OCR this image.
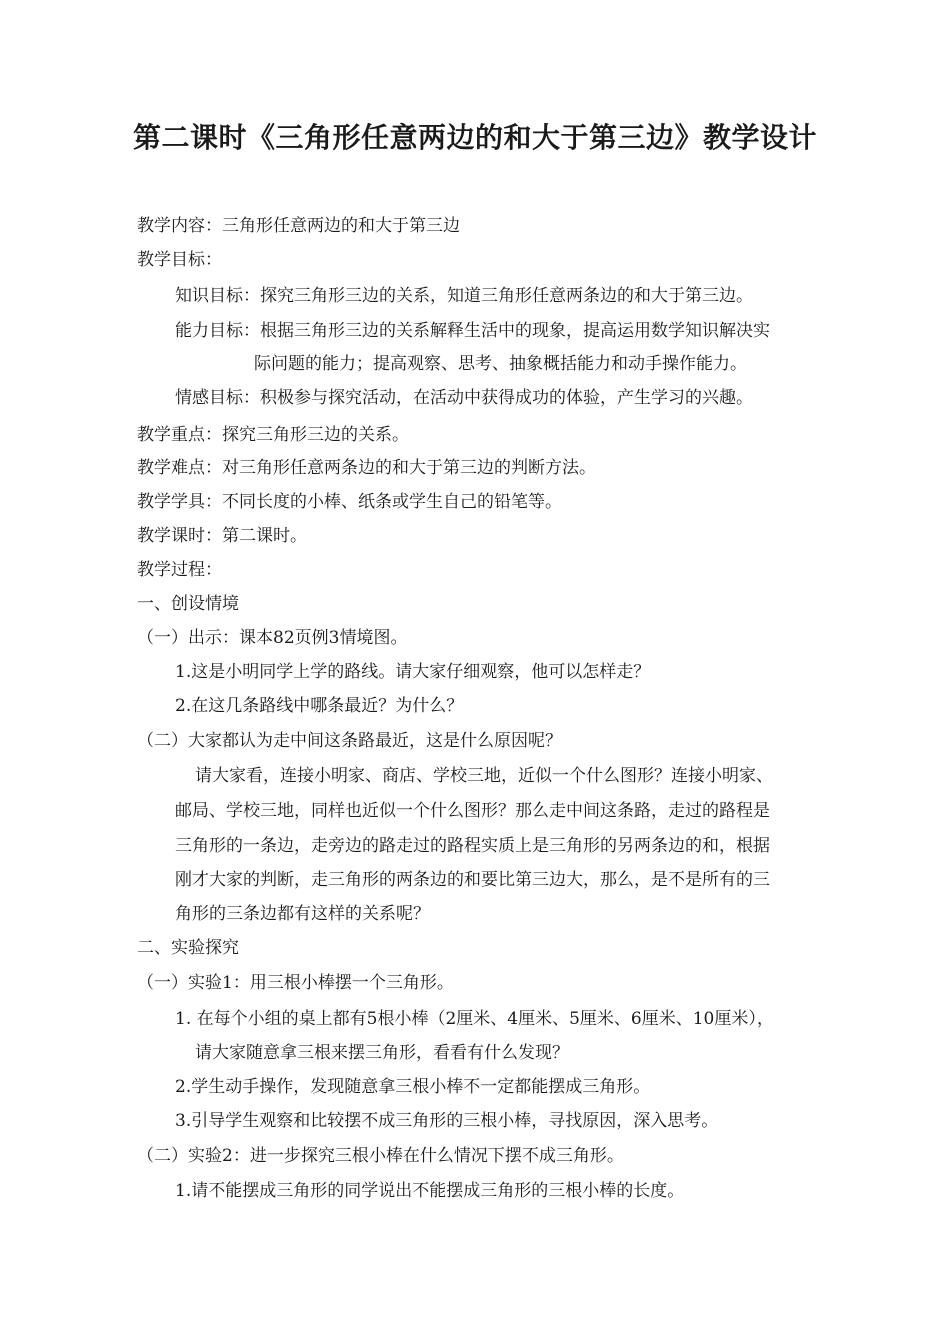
第二课时《三角形任意两边的和大于第三边》教学设计
教学内容：三角形任意两边的和大于第三边
教学目标：
知识目标：探究三角形三边的关系，知道三角形任意两条边的和大于第三边。
能力目标：根据三角形三边的关系解释生活中的现象，提高运用数学知识解决实
际问题的能力；提高观察、思考、抽象概括能力和动手操作能力。
情感目标：积极参与探究活动，在活动中获得成功的体验，产生学习的兴趣。
教学重点：探究三角形三边的关系。
教学难点：对三角形任意两条边的和大于第三边的判断方法。
教学学具：不同长度的小棒、纸条或学生自己的铅笔等。
教学课时：第二课时。
教学过程：
一、创设情境
（一）出示：课本82页例3情境图。
1.这是小明同学上学的路线。请大家仔细观察，他可以怎样走？
2.在这几条路线中哪条最近？为什么？
（二）大家都认为走中间这条路最近，这是什么原因呢？
请大家看，连接小明家、商店、学校三地，近似一个什么图形？连接小明家、
邮局、学校三地，同样也近似一个什么图形？那么走中间这条路，走过的路程是
三角形的一条边，走旁边的路走过的路程实质上是三角形的另两条边的和，根据
刚才大家的判断，走三角形的两条边的和要比第三边大，那么，是不是所有的三
角形的三条边都有这样的关系呢？
二、实验探究
（一）实验1：用三根小棒摆一个三角形。
1. 在每个小组的桌上都有5根小棒（2厘米、4厘米、5厘米、6厘米、10厘米），
请大家随意拿三根来摆三角形，看看有什么发现？
2.学生动手操作，发现随意拿三根小棒不一定都能摆成三角形。
3.引导学生观察和比较摆不成三角形的三根小棒，寻找原因，深入思考。
（二）实验2：进一步探究三根小棒在什么情况下摆不成三角形。
1.请不能摆成三角形的同学说出不能摆成三角形的三根小棒的长度。
